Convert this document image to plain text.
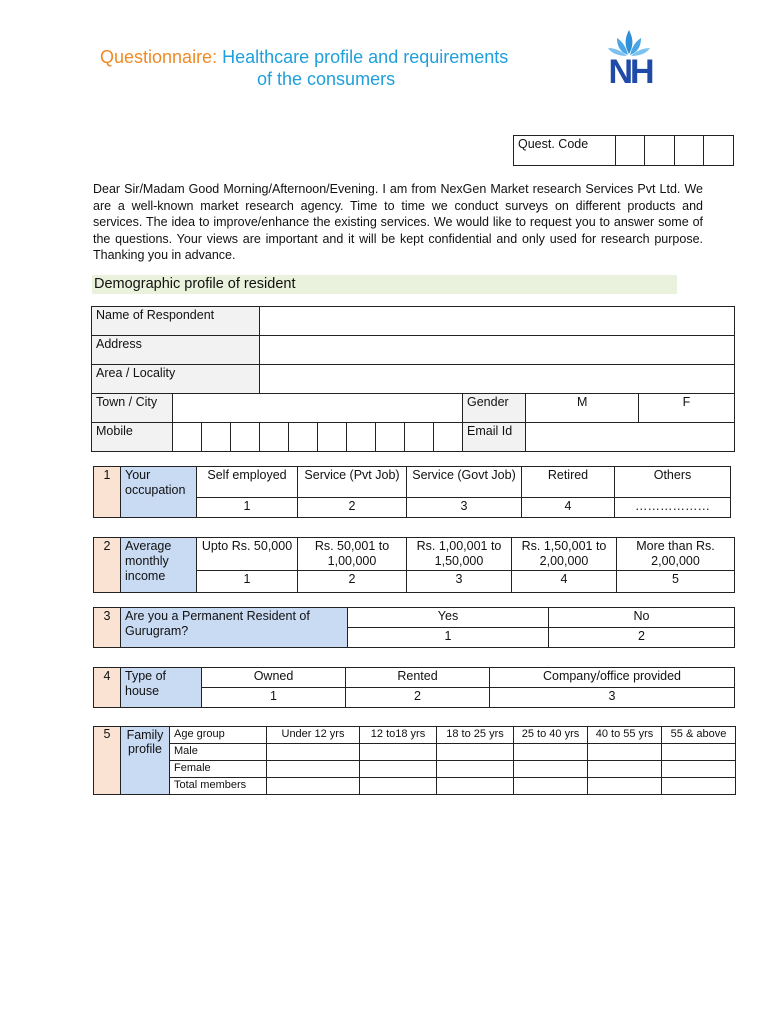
Questionnaire: Healthcare profile and requirements
of the consumers	NH
Quest. Code				
Dear Sir/Madam Good Morning/Afternoon/Evening. I am from NexGen Market research Services Pvt Ltd. We are a well-known market research agency. Time to time we conduct surveys on different products and services. The idea to improve/enhance the existing services. We would like to request you to answer some of the questions. Your views are important and it will be kept confidential and only used for research purpose. Thanking you in advance.
Demographic profile of resident
Name of Respondent													
Address													
Area / Locality													
Town / City											Gender	M	F
Mobile											Email Id		
1	Your occupation	Self employed	Service (Pvt Job)	Service (Govt Job)	Retired	Others
		1	2	3	4	………………
2	Average monthly income	Upto Rs. 50,000	Rs. 50,001 to 1,00,000	Rs. 1,00,001 to 1,50,000	Rs. 1,50,001 to 2,00,000	More than Rs. 2,00,000
		1	2	3	4	5
3	Are you a Permanent Resident of Gurugram?	Yes	No
		1	2
4	Type of house	Owned	Rented	Company/office provided
		1	2	3
5	Family profile	Age group	Under 12 yrs	12 to18 yrs	18 to 25 yrs	25 to 40 yrs	40 to 55 yrs	55 & above
		Male						
		Female						
		Total members						
